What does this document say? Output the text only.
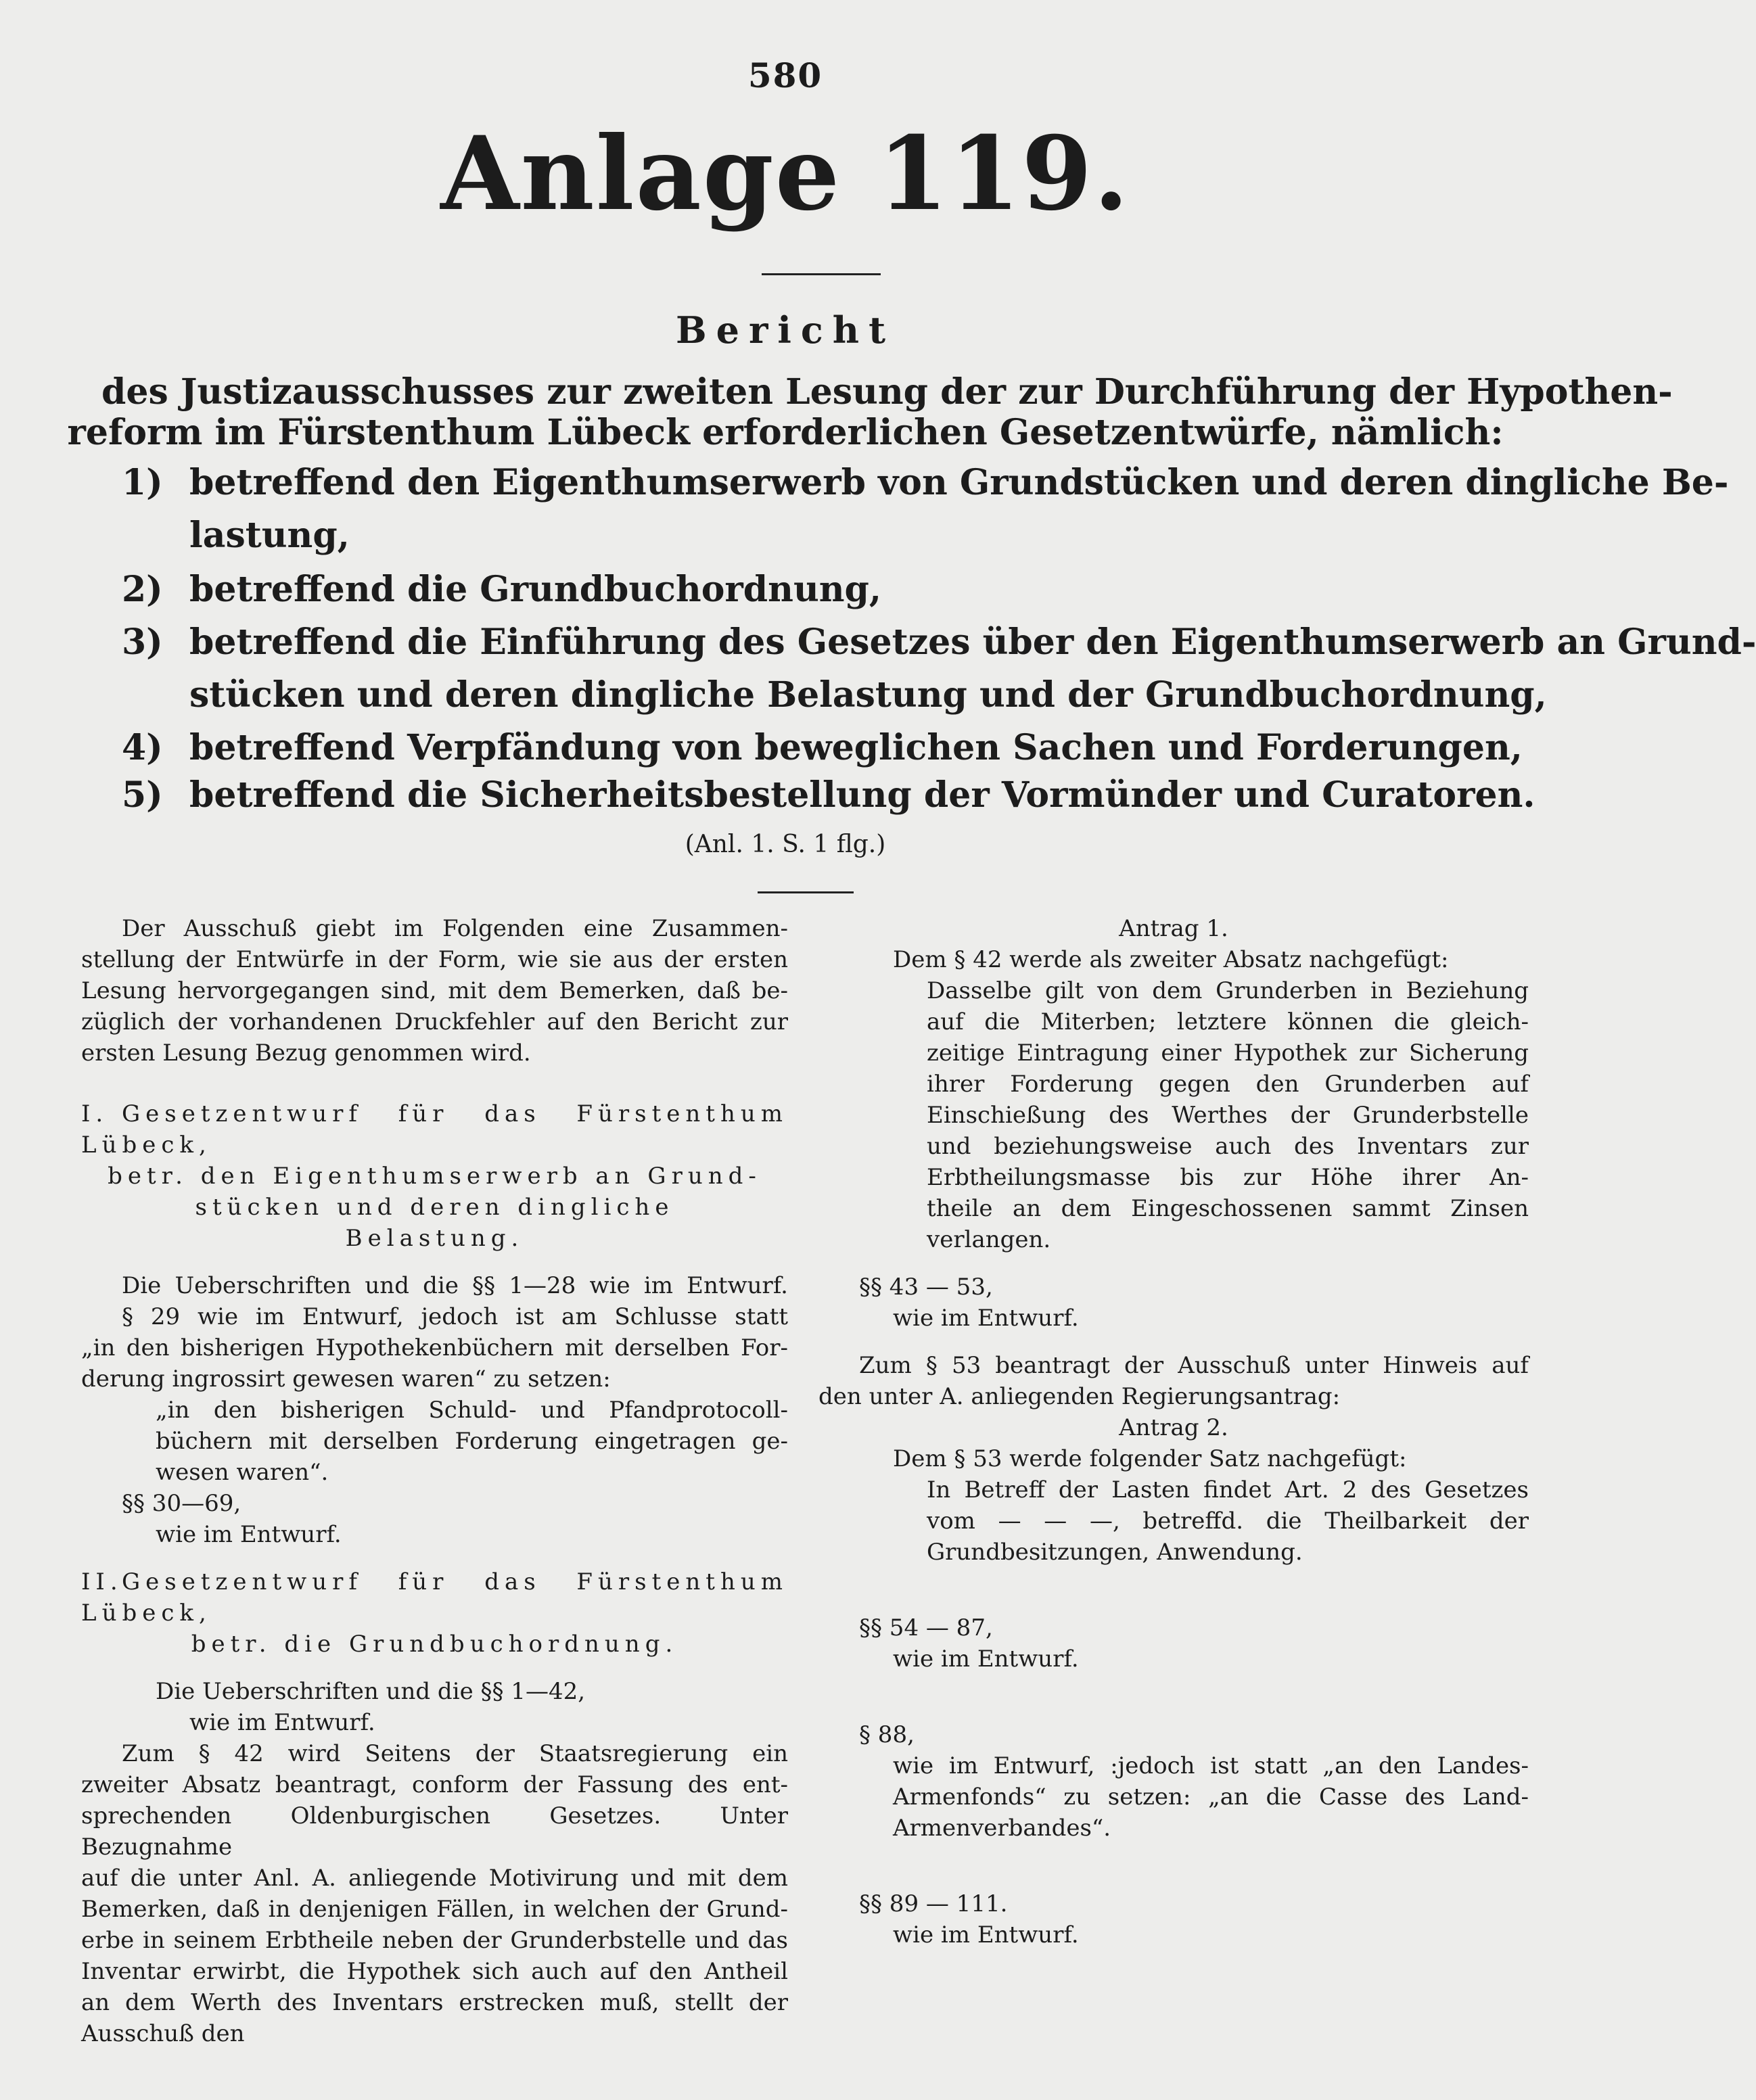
580
Anlage 119.
Bericht
des Justizausschusses zur zweiten Lesung der zur Durchführung der Hypothen-
reform im Fürstenthum Lübeck erforderlichen Gesetzentwürfe, nämlich:
1) betreffend den Eigenthumserwerb von Grundstücken und deren dingliche Be-
lastung,
2) betreffend die Grundbuchordnung,
3) betreffend die Einführung des Gesetzes über den Eigenthumserwerb an Grund-
stücken und deren dingliche Belastung und der Grundbuchordnung,
4) betreffend Verpfändung von beweglichen Sachen und Forderungen,
5) betreffend die Sicherheitsbestellung der Vormünder und Curatoren.
(Anl. 1. S. 1 flg.)

Der Ausschuß giebt im Folgenden eine Zusammen-

stellung der Entwürfe in der Form, wie sie aus der ersten

Lesung hervorgegangen sind, mit dem Bemerken, daß be-

züglich der vorhandenen Druckfehler auf den Bericht zur

ersten Lesung Bezug genommen wird.

I. Gesetzentwurf für das Fürstenthum Lübeck,

betr. den Eigenthumserwerb an Grund-

stücken und deren dingliche

Belastung.

Die Ueberschriften und die §§ 1—28 wie im Entwurf.

§ 29 wie im Entwurf, jedoch ist am Schlusse statt

„in den bisherigen Hypothekenbüchern mit derselben For-

derung ingrossirt gewesen waren“ zu setzen:

„in den bisherigen Schuld- und Pfandprotocoll-

büchern mit derselben Forderung eingetragen ge-

wesen waren“.

§§ 30—69,

wie im Entwurf.

II.Gesetzentwurf für das Fürstenthum Lübeck,

betr. die Grundbuchordnung.

Die Ueberschriften und die §§ 1—42,

wie im Entwurf.

Zum § 42 wird Seitens der Staatsregierung ein

zweiter Absatz beantragt, conform der Fassung des ent-

sprechenden Oldenburgischen Gesetzes. Unter Bezugnahme

auf die unter Anl. A. anliegende Motivirung und mit dem

Bemerken, daß in denjenigen Fällen, in welchen der Grund-

erbe in seinem Erbtheile neben der Grunderbstelle und das

Inventar erwirbt, die Hypothek sich auch auf den Antheil

an dem Werth des Inventars erstrecken muß, stellt der

Ausschuß den

Antrag 1.

Dem § 42 werde als zweiter Absatz nachgefügt:

Dasselbe gilt von dem Grunderben in Beziehung

auf die Miterben; letztere können die gleich-

zeitige Eintragung einer Hypothek zur Sicherung

ihrer Forderung gegen den Grunderben auf

Einschießung des Werthes der Grunderbstelle

und beziehungsweise auch des Inventars zur

Erbtheilungsmasse bis zur Höhe ihrer An-

theile an dem Eingeschossenen sammt Zinsen

verlangen.

§§ 43 — 53,

wie im Entwurf.

Zum § 53 beantragt der Ausschuß unter Hinweis auf

den unter A. anliegenden Regierungsantrag:

Antrag 2.

Dem § 53 werde folgender Satz nachgefügt:

In Betreff der Lasten findet Art. 2 des Gesetzes

vom — — —, betreffd. die Theilbarkeit der

Grundbesitzungen, Anwendung.

§§ 54 — 87,

wie im Entwurf.

§ 88,

wie im Entwurf, :jedoch ist statt „an den Landes-

Armenfonds“ zu setzen: „an die Casse des Land-

Armenverbandes“.

§§ 89 — 111.

wie im Entwurf.
